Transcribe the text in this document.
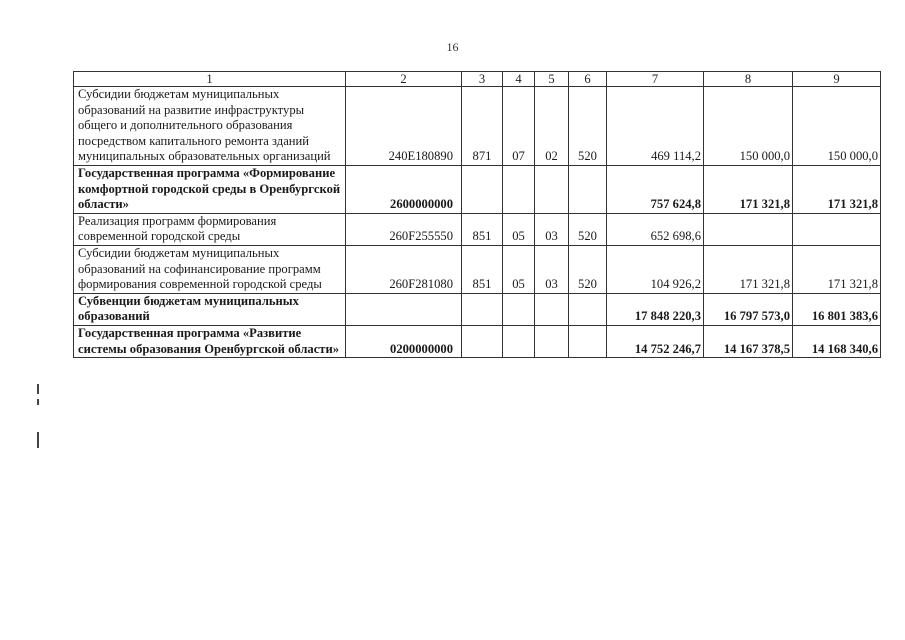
16
1	2	3	4	5	6	7	8	9
Субсидии бюджетам муниципальных образований на развитие инфраструктуры общего и дополнительного образования посредством капитального ремонта зданий муниципальных образовательных организаций	240E180890	871	07	02	520	469 114,2	150 000,0	150 000,0
Государственная программа «Формирование комфортной городской среды в Оренбургской области»	2600000000					757 624,8	171 321,8	171 321,8
Реализация программ формирования современной городской среды	260F255550	851	05	03	520	652 698,6		
Субсидии бюджетам муниципальных образований на софинансирование программ формирования современной городской среды	260F281080	851	05	03	520	104 926,2	171 321,8	171 321,8
Субвенции бюджетам муниципальных образований						17 848 220,3	16 797 573,0	16 801 383,6
Государственная программа «Развитие системы образования Оренбургской области»	0200000000					14 752 246,7	14 167 378,5	14 168 340,6
